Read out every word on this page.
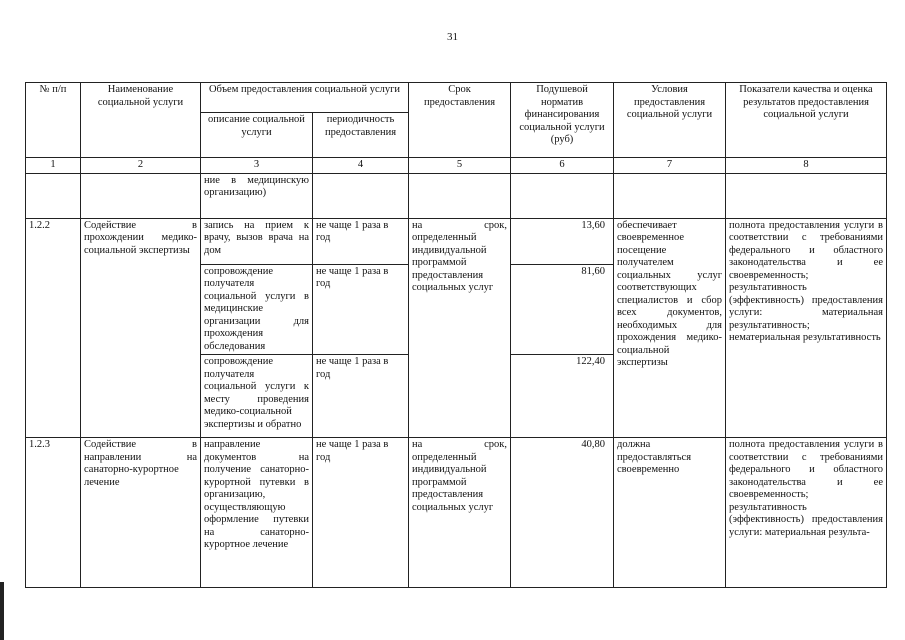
31
№ п/п	Наименование социальной услуги	Объем предоставления социальной услуги		Срок предоставления	Подушевой норматив финансирования социальной услуги (руб)	Условия предоставления социальной услуги	Показатели качества и оценка результатов предоставления социальной услуги
		описание социальной услуги	периодичность предоставления				
1	2	3	4	5	6	7	8
		ние в медицинскую организацию)					
1.2.2	Содействие в прохождении медико-социальной экспертизы	запись на прием к врачу, вызов врача на дом	не чаще 1 раза в год	на срок, определенный индивидуальной программой предоставления социальных услуг	13,60	обеспечивает своевременное посещение получателем социальных услуг соответствующих специалистов и сбор всех документов, необходимых для прохождения медико-социальной экспертизы	полнота предоставления услуги в соответствии с требованиями федерального и областного законодательства и ее своевременность; результативность (эффективность) предоставления услуги: материальная результативность; нематериальная результативность
		сопровождение получателя социальной услуги в медицинские организации для прохождения обследования	не чаще 1 раза в год		81,60		
		сопровождение получателя социальной услуги к месту проведения медико-социальной экспертизы и обратно	не чаще 1 раза в год		122,40		
1.2.3	Содействие в направлении на санаторно-курортное лечение	направление документов на получение санаторно-курортной путевки в организацию, осуществляющую оформление путевки на санаторно-курортное лечение	не чаще 1 раза в год	на срок, определенный индивидуальной программой предоставления социальных услуг	40,80	должна предоставляться своевременно	полнота предоставления услуги в соответствии с требованиями федерального и областного законодательства и ее своевременность; результативность (эффективность) предоставления услуги: материальная результа-
